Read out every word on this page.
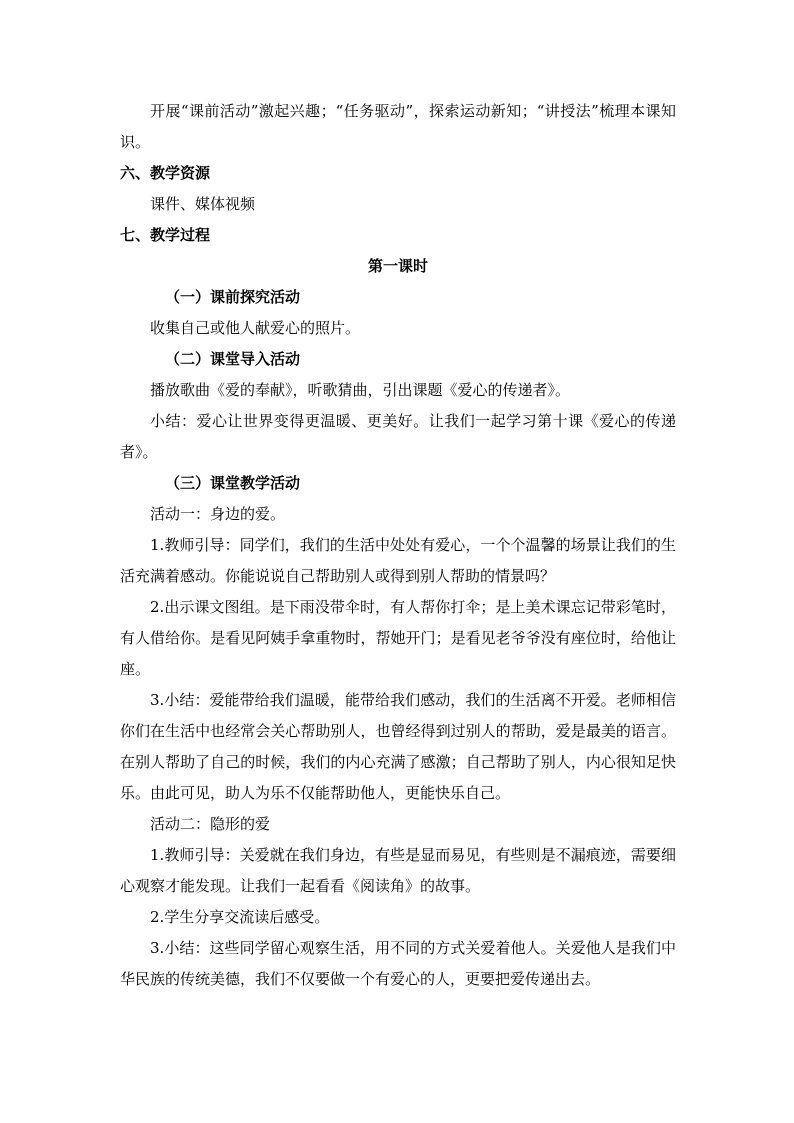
开展“课前活动”激起兴趣；“任务驱动”，探索运动新知；“讲授法”梳理本课知识。

六、教学资源

课件、媒体视频

七、教学过程

第一课时

（一）课前探究活动

收集自己或他人献爱心的照片。

（二）课堂导入活动

播放歌曲《爱的奉献》，听歌猜曲，引出课题《爱心的传递者》。

小结：爱心让世界变得更温暖、更美好。让我们一起学习第十课《爱心的传递者》。

（三）课堂教学活动

活动一：身边的爱。

1.教师引导：同学们，我们的生活中处处有爱心，一个个温馨的场景让我们的生活充满着感动。你能说说自己帮助别人或得到别人帮助的情景吗？

2.出示课文图组。是下雨没带伞时，有人帮你打伞；是上美术课忘记带彩笔时，有人借给你。是看见阿姨手拿重物时，帮她开门；是看见老爷爷没有座位时，给他让座。

3.小结：爱能带给我们温暖，能带给我们感动，我们的生活离不开爱。老师相信你们在生活中也经常会关心帮助别人，也曾经得到过别人的帮助，爱是最美的语言。在别人帮助了自己的时候，我们的内心充满了感激；自己帮助了别人，内心很知足快乐。由此可见，助人为乐不仅能帮助他人，更能快乐自己。

活动二：隐形的爱

1.教师引导：关爱就在我们身边，有些是显而易见，有些则是不漏痕迹，需要细心观察才能发现。让我们一起看看《阅读角》的故事。

2.学生分享交流读后感受。

3.小结：这些同学留心观察生活，用不同的方式关爱着他人。关爱他人是我们中华民族的传统美德，我们不仅要做一个有爱心的人，更要把爱传递出去。
